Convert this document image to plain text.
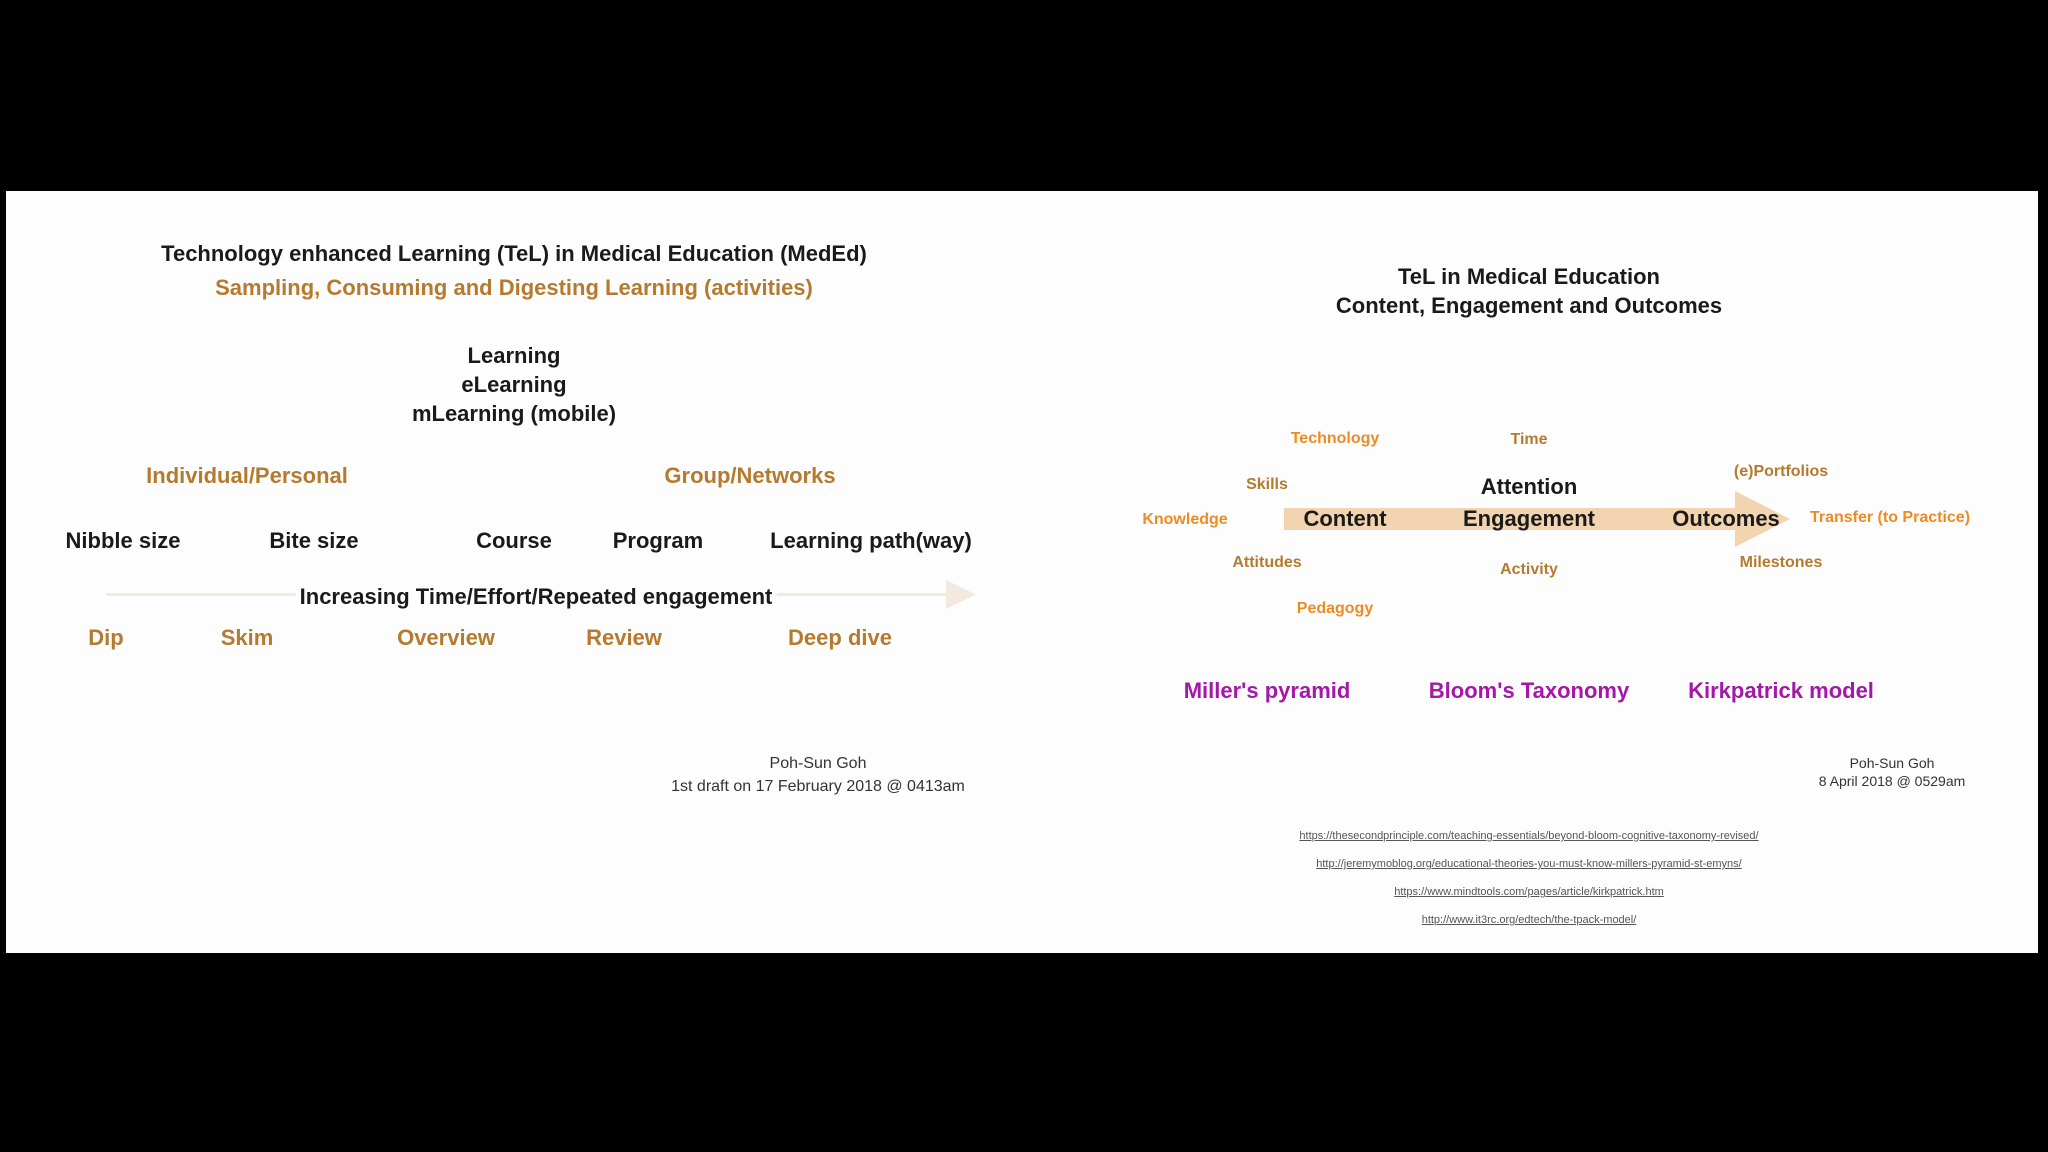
Technology enhanced Learning (TeL) in Medical Education (MedEd)
Sampling, Consuming and Digesting Learning (activities)
Learning
eLearning
mLearning (mobile)
Individual/Personal	Group/Networks
Nibble size	Bite size	Course	Program	Learning path(way)
Increasing Time/Effort/Repeated engagement
Dip	Skim	Overview	Review	Deep dive
Poh-Sun Goh
1st draft on 17 February 2018 @ 0413am
TeL in Medical Education
Content, Engagement and Outcomes
Technology	Time
(e)Portfolios
Skills	Attention
Knowledge	Content	Engagement	Outcomes Transfer (to Practice)
Attitudes	Activity	Milestones
Pedagogy
Miller's pyramid	Bloom's Taxonomy	Kirkpatrick model
Poh-Sun Goh
8 April 2018 @ 0529am
https://thesecondprinciple.com/teaching-essentials/beyond-bloom-cognitive-taxonomy-revised/
http://jeremymoblog.org/educational-theories-you-must-know-millers-pyramid-st-emyns/
https://www.mindtools.com/pages/article/kirkpatrick.htm
http://www.it3rc.org/edtech/the-tpack-model/
